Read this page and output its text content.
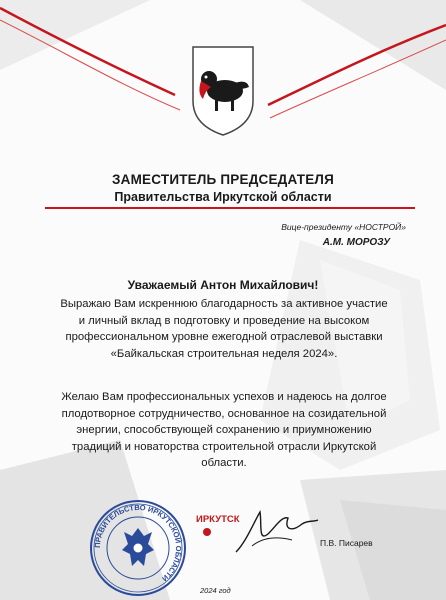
ЗАМЕСТИТЕЛЬ ПРЕДСЕДАТЕЛЯ
Правительства Иркутской области
Вице-президенту «НОСТРОЙ»
А.М. МОРОЗУ
Уважаемый Антон Михайлович!
Выражаю Вам искреннюю благодарность за активное участие и личный вклад в подготовку и проведение на высоком профессиональном уровне ежегодной отраслевой выставки «Байкальская строительная неделя 2024».
Желаю Вам профессиональных успехов и надеюсь на долгое плодотворное сотрудничество, основанное на созидательной энергии, способствующей сохранению и приумножению традиций и новаторства строительной отрасли Иркутской области.
ПРАВИТЕЛЬСТВО ИРКУТСКОЙ ОБЛАСТИ
ИРКУТСК
П.В. Писарев
2024 год
